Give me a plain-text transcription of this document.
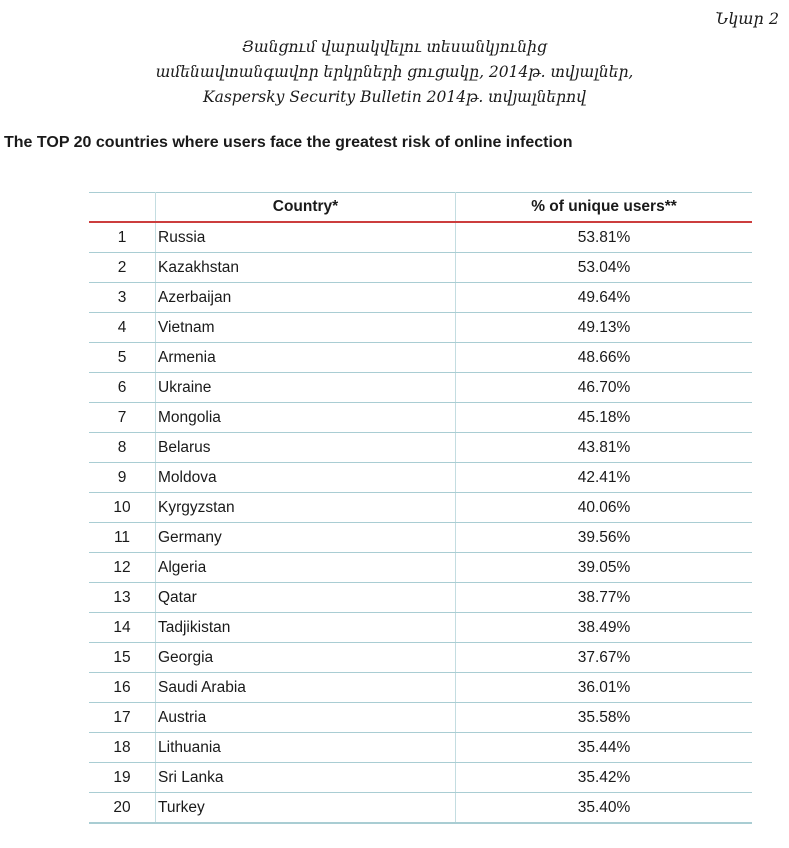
Նկար 2
Յանցում վարակվելու տեսանկյունից
ամենավտանգավոր երկրների ցուցակը, 2014թ. տվյալներ,
Kaspersky Security Bulletin 2014թ. տվյալներով
The TOP 20 countries where users face the greatest risk of online infection
	Country*	% of unique users**
1	Russia	53.81%
2	Kazakhstan	53.04%
3	Azerbaijan	49.64%
4	Vietnam	49.13%
5	Armenia	48.66%
6	Ukraine	46.70%
7	Mongolia	45.18%
8	Belarus	43.81%
9	Moldova	42.41%
10	Kyrgyzstan	40.06%
11	Germany	39.56%
12	Algeria	39.05%
13	Qatar	38.77%
14	Tadjikistan	38.49%
15	Georgia	37.67%
16	Saudi Arabia	36.01%
17	Austria	35.58%
18	Lithuania	35.44%
19	Sri Lanka	35.42%
20	Turkey	35.40%
